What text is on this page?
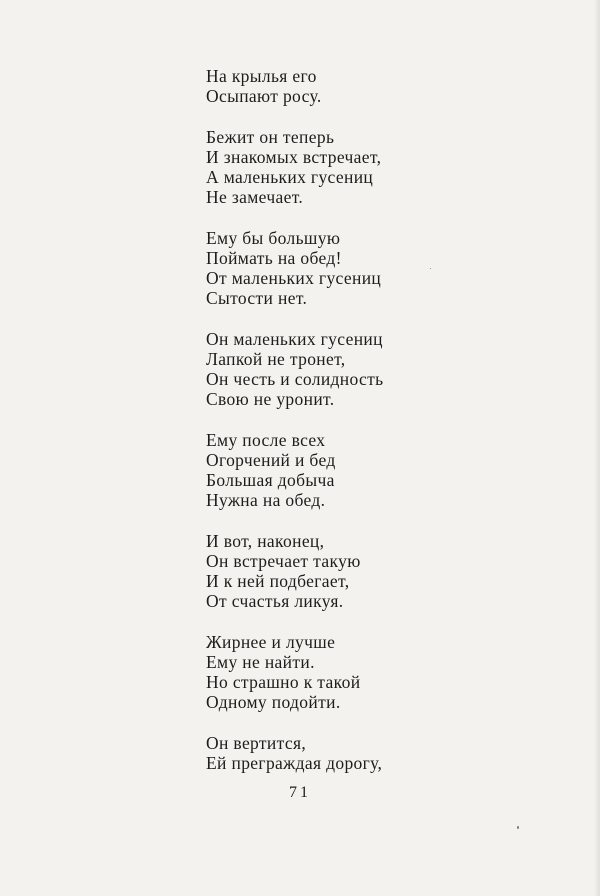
На крылья его
Осыпают росу.
Бежит он теперь
И знакомых встречает,
А маленьких гусениц
Не замечает.
Ему бы большую
Поймать на обед!
От маленьких гусениц
Сытости нет.
Он маленьких гусениц
Лапкой не тронет,
Он честь и солидность
Свою не уронит.
Ему после всех
Огорчений и бед
Большая добыча
Нужна на обед.
И вот, наконец,
Он встречает такую
И к ней подбегает,
От счастья ликуя.
Жирнее и лучше
Ему не найти.
Но страшно к такой
Одному подойти.
Он вертится,
Ей преграждая дорогу,
71
